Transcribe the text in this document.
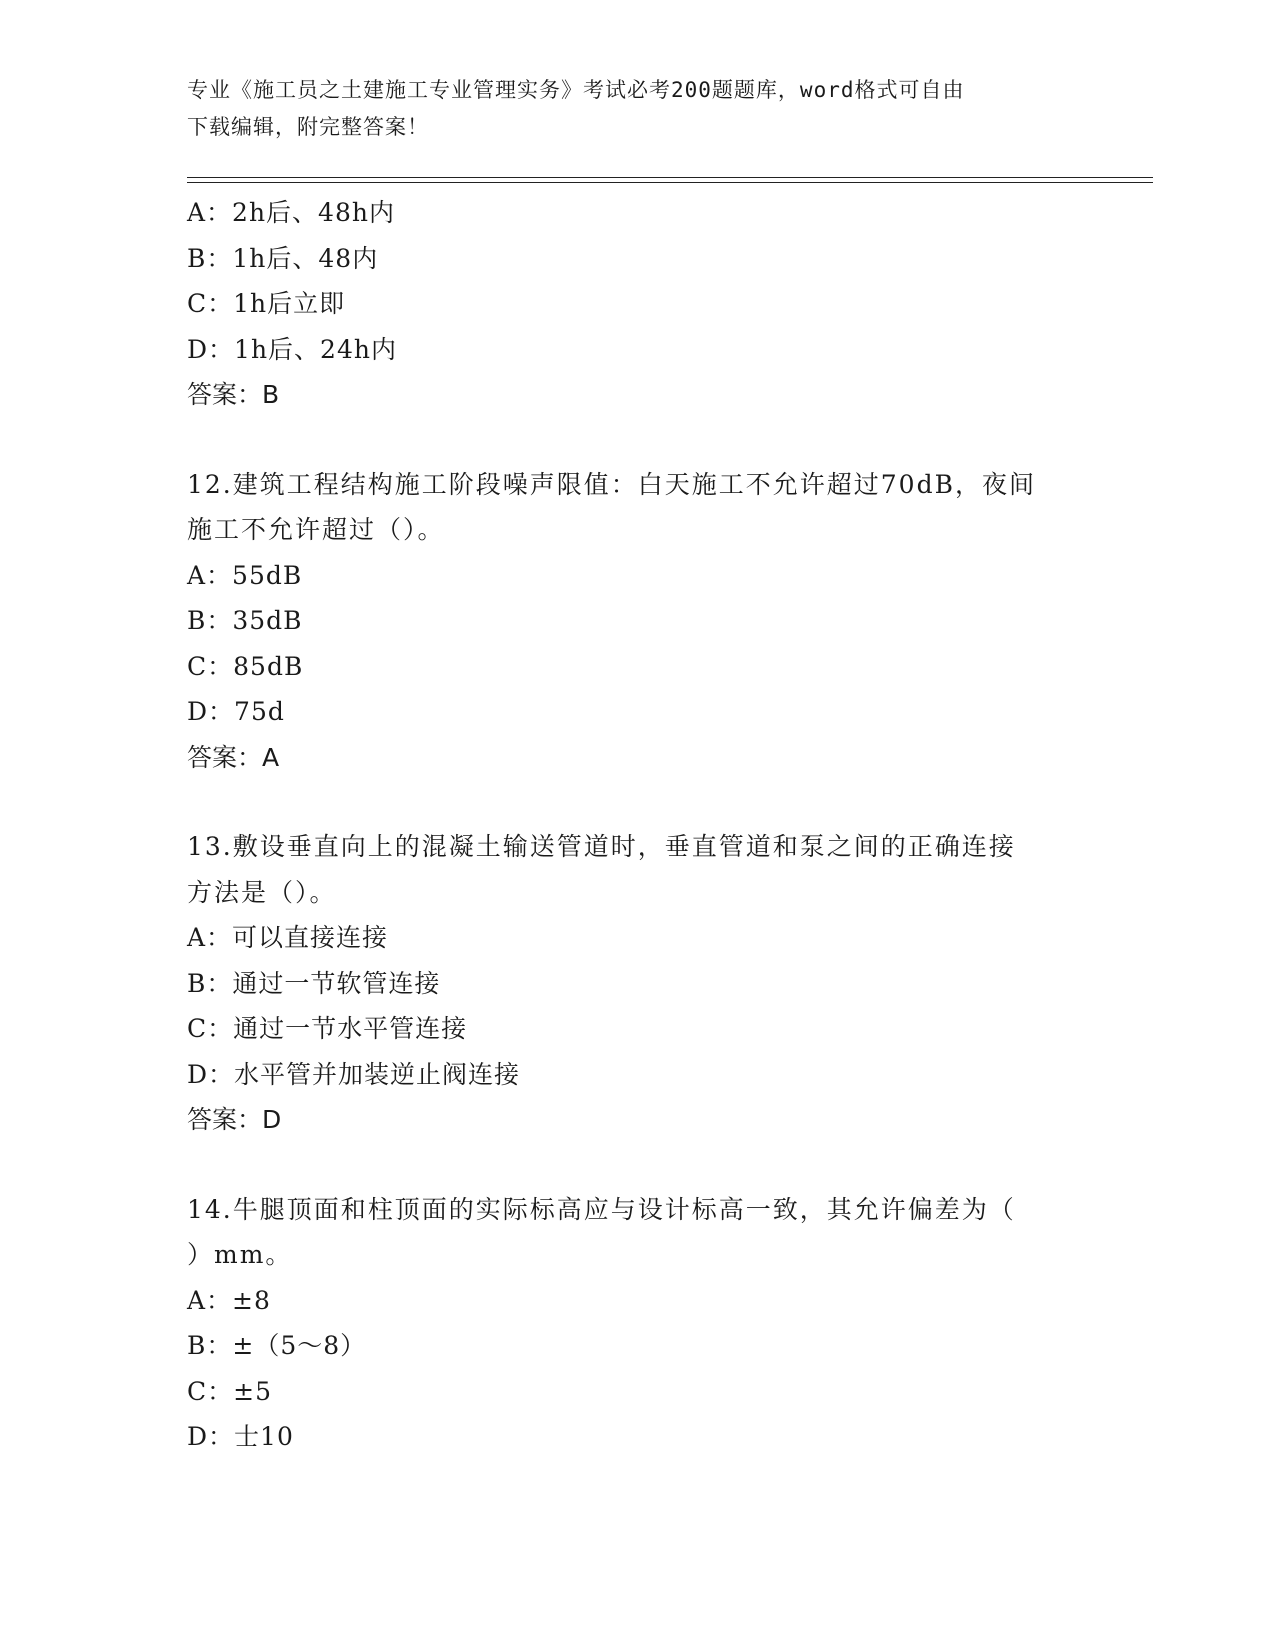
专业《施工员之土建施工专业管理实务》考试必考200题题库，word格式可自由
下载编辑，附完整答案！
A：2h后、48h内
B：1h后、48内
C：1h后立即
D：1h后、24h内
答案：B
12.建筑工程结构施工阶段噪声限值：白天施工不允许超过70dB，夜间
施工不允许超过（）。
A：55dB
B：35dB
C：85dB
D：75d
答案：A
13.敷设垂直向上的混凝土输送管道时，垂直管道和泵之间的正确连接
方法是（）。
A：可以直接连接
B：通过一节软管连接
C：通过一节水平管连接
D：水平管并加装逆止阀连接
答案：D
14.牛腿顶面和柱顶面的实际标高应与设计标高一致，其允许偏差为（
）mm。
A：±8
B：±（5～8）
C：±5
D：士10
